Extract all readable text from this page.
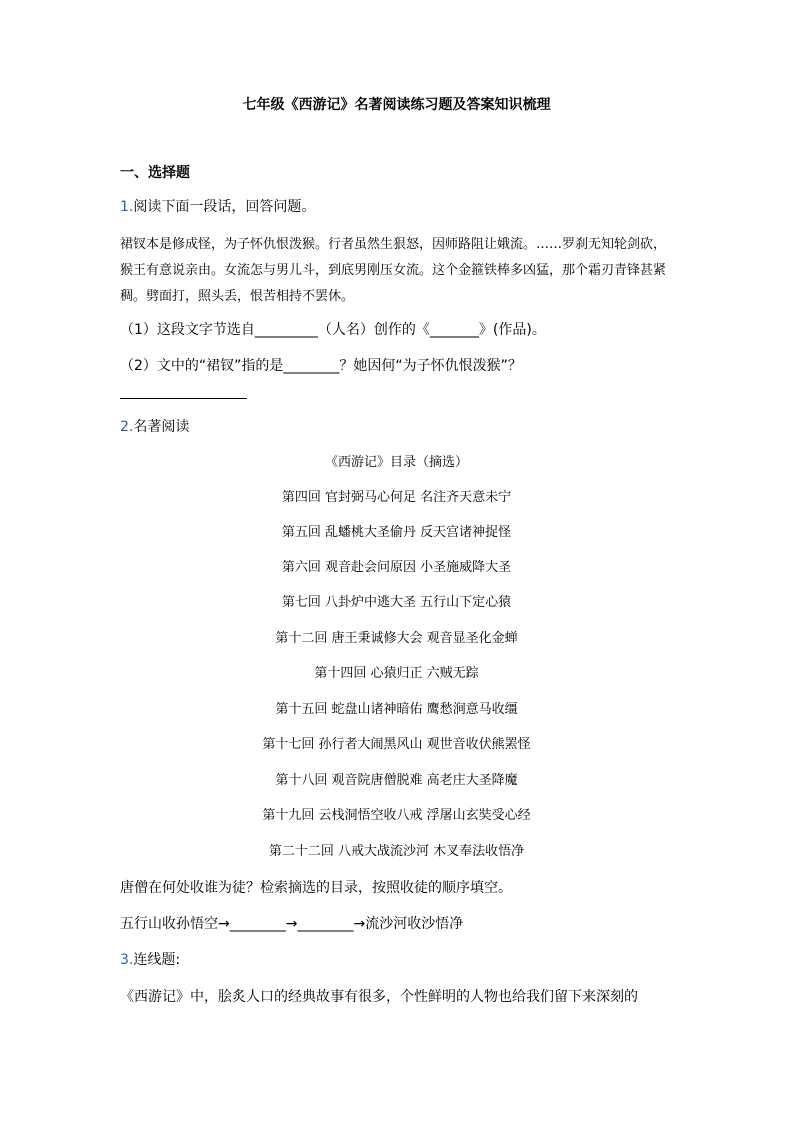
七年级《西游记》名著阅读练习题及答案知识梳理
一、选择题
1.阅读下面一段话，回答问题。
裙钗本是修成怪，为子怀仇恨泼猴。行者虽然生狠怒，因师路阻让娥流。……罗刹无知轮剑砍，猴王有意说亲由。女流怎与男儿斗，到底男刚压女流。这个金箍铁棒多凶猛，那个霜刃青锋甚紧稠。劈面打，照头丢，恨苦相持不罢休。
（1）这段文字节选自_________（人名）创作的《_______》(作品)。
（2）文中的“裙钗”指的是________？她因何“为子怀仇恨泼猴”？
2.名著阅读
《西游记》目录（摘选）
第四回 官封弼马心何足 名注齐天意未宁
第五回 乱蟠桃大圣偷丹 反天宫诸神捉怪
第六回 观音赴会问原因 小圣施威降大圣
第七回 八卦炉中逃大圣 五行山下定心猿
第十二回 唐王秉诚修大会 观音显圣化金蝉
第十四回 心猿归正 六贼无踪
第十五回 蛇盘山诸神暗佑 鹰愁涧意马收缰
第十七回 孙行者大闹黑风山 观世音收伏熊罴怪
第十八回 观音院唐僧脱难 高老庄大圣降魔
第十九回 云栈洞悟空收八戒 浮屠山玄奘受心经
第二十二回 八戒大战流沙河 木叉奉法收悟净
唐僧在何处收谁为徒？检索摘选的目录，按照收徒的顺序填空。
五行山收孙悟空→________→________→流沙河收沙悟净
3.连线题:
《西游记》中，脍炙人口的经典故事有很多，个性鲜明的人物也给我们留下来深刻的
